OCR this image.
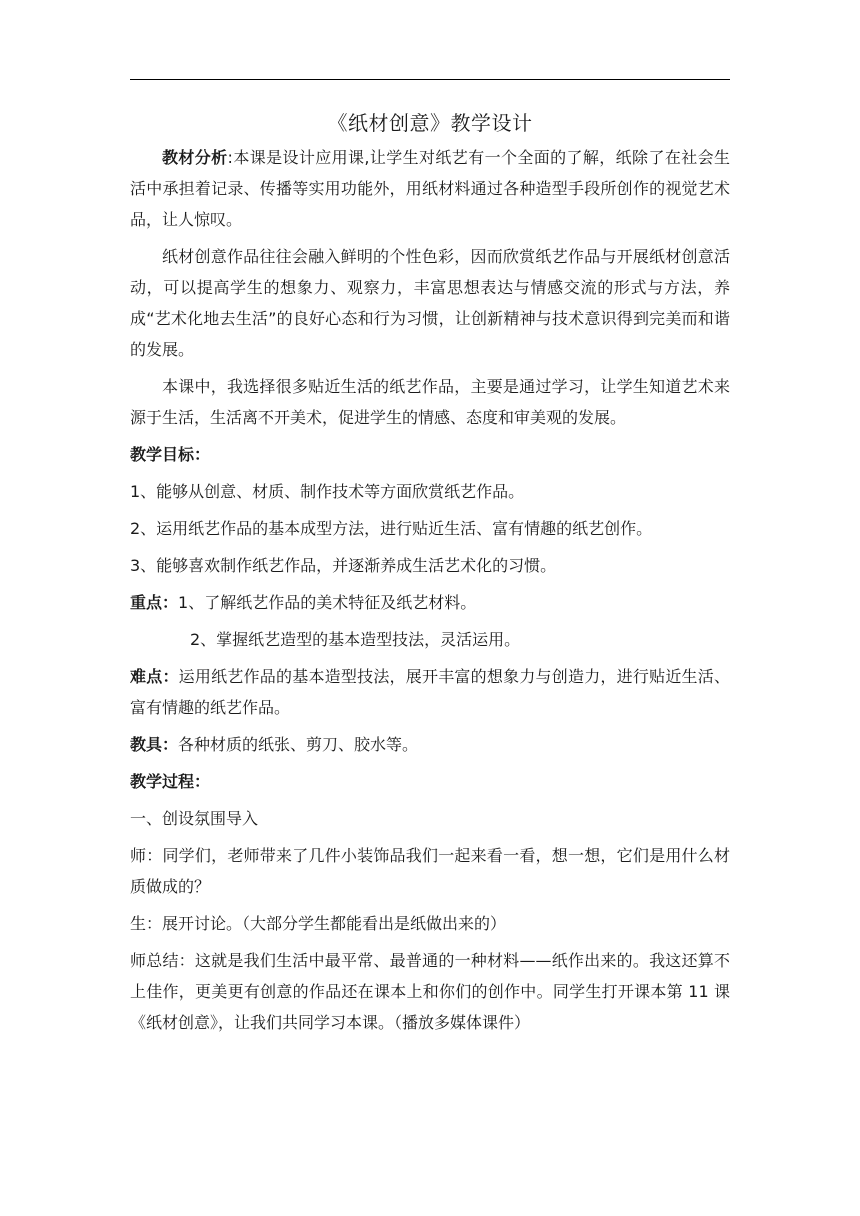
《纸材创意》教学设计

教材分析:本课是设计应用课,让学生对纸艺有一个全面的了解，纸除了在社会生活中承担着记录、传播等实用功能外，用纸材料通过各种造型手段所创作的视觉艺术品，让人惊叹。

纸材创意作品往往会融入鲜明的个性色彩，因而欣赏纸艺作品与开展纸材创意活动，可以提高学生的想象力、观察力，丰富思想表达与情感交流的形式与方法，养成“艺术化地去生活”的良好心态和行为习惯，让创新精神与技术意识得到完美而和谐的发展。

本课中，我选择很多贴近生活的纸艺作品，主要是通过学习，让学生知道艺术来源于生活，生活离不开美术，促进学生的情感、态度和审美观的发展。

教学目标：

1、能够从创意、材质、制作技术等方面欣赏纸艺作品。

2、运用纸艺作品的基本成型方法，进行贴近生活、富有情趣的纸艺创作。

3、能够喜欢制作纸艺作品，并逐渐养成生活艺术化的习惯。

重点：1、了解纸艺作品的美术特征及纸艺材料。

2、掌握纸艺造型的基本造型技法，灵活运用。

难点：运用纸艺作品的基本造型技法，展开丰富的想象力与创造力，进行贴近生活、富有情趣的纸艺作品。

教具：各种材质的纸张、剪刀、胶水等。

教学过程：

一、创设氛围导入

师：同学们，老师带来了几件小装饰品我们一起来看一看，想一想，它们是用什么材质做成的？

生：展开讨论。（大部分学生都能看出是纸做出来的）

师总结：这就是我们生活中最平常、最普通的一种材料——纸作出来的。我这还算不上佳作，更美更有创意的作品还在课本上和你们的创作中。同学生打开课本第 11 课《纸材创意》，让我们共同学习本课。（播放多媒体课件）
